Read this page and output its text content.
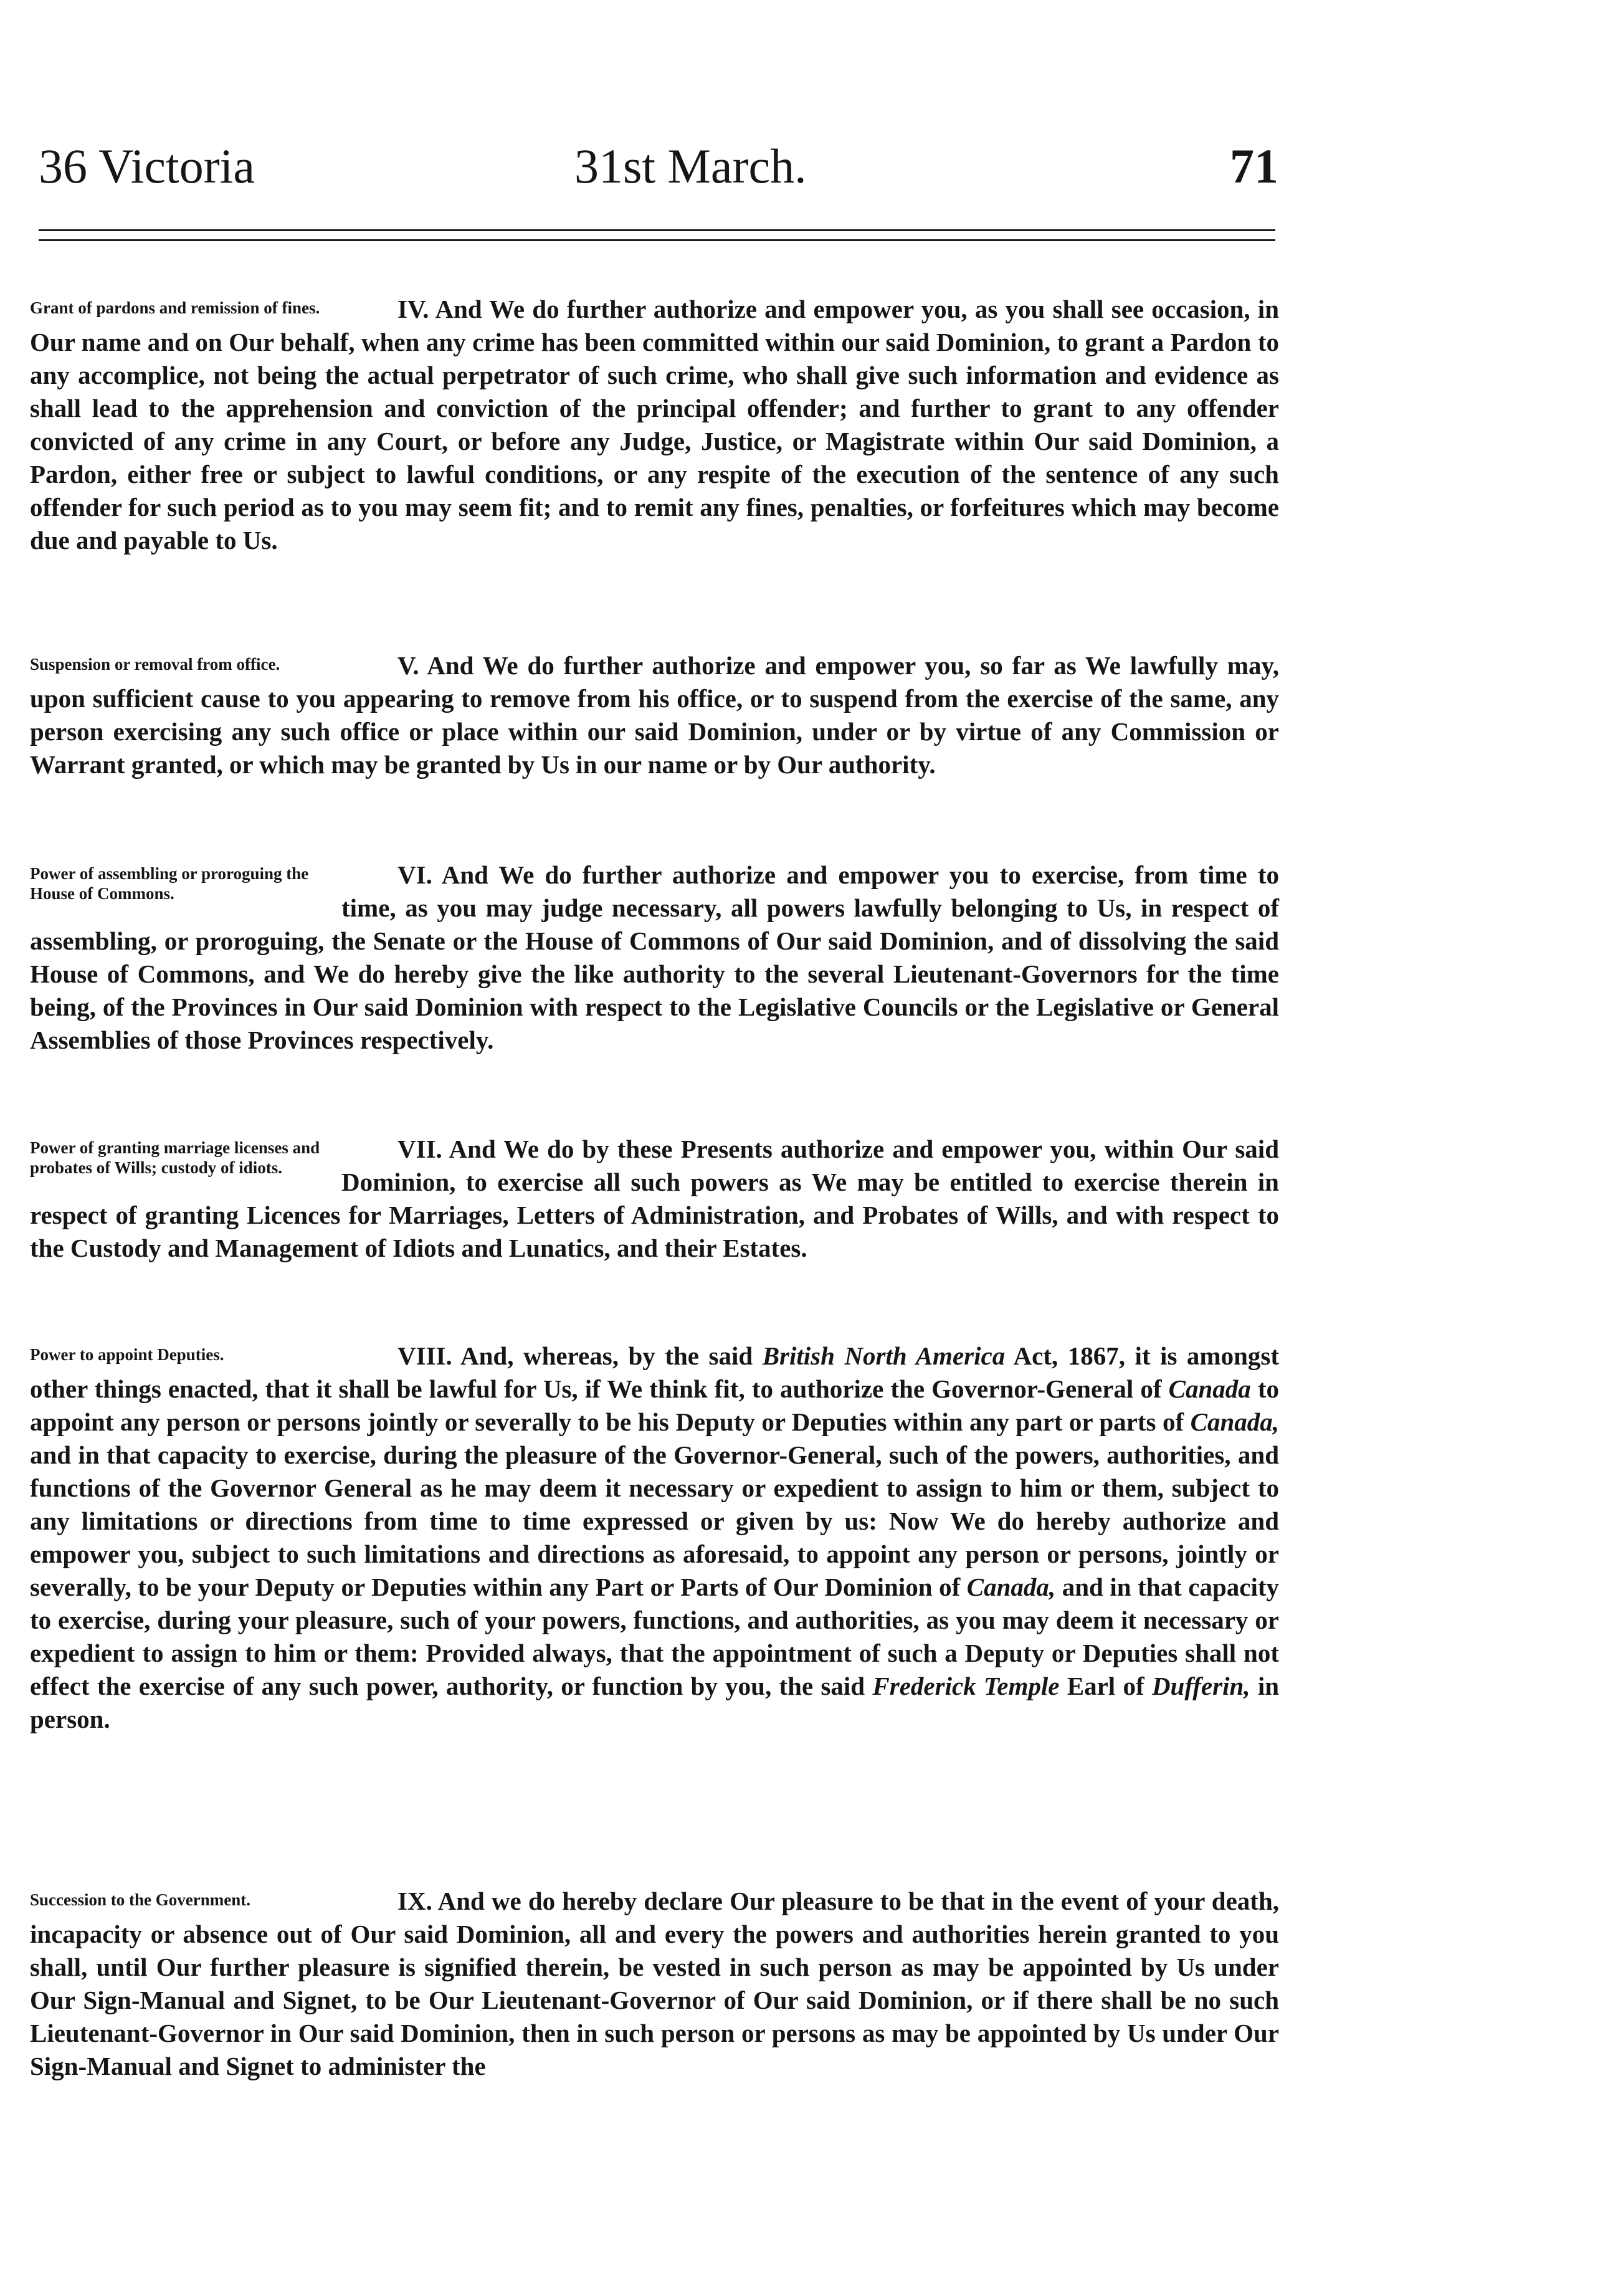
36 Victoria	31st March.	71
Grant of pardons and remission of fines.	IV. And We do further authorize and empower you, as you shall see occasion, in Our name and on Our behalf, when any crime has been committed within our said Dominion, to grant a Pardon to any accomplice, not being the actual perpetrator of such crime, who shall give such information and evidence as shall lead to the apprehension and conviction of the principal offender; and further to grant to any offender convicted of any crime in any Court, or before any Judge, Justice, or Magistrate within Our said Dominion, a Pardon, either free or subject to lawful conditions, or any respite of the execution of the sentence of any such offender for such period as to you may seem fit; and to remit any fines, penalties, or forfeitures which may become due and payable to Us.

Suspension or removal from office.	V. And We do further authorize and empower you, so far as We lawfully may, upon sufficient cause to you appearing to remove from his office, or to suspend from the exercise of the same, any person exercising any such office or place within our said Dominion, under or by virtue of any Commission or Warrant granted, or which may be granted by Us in our name or by Our authority.

Power of assembling or proroguing the House of Commons.

VI. And We do further authorize and empower you to exercise, from time to time, as you may judge necessary, all powers lawfully belonging to Us, in respect of assembling, or proroguing, the Senate or the House of Commons of Our said Dominion, and of dissolving the said House of Commons, and We do hereby give the like authority to the several Lieutenant-Governors for the time being, of the Provinces in Our said Dominion with respect to the Legislative Councils or the Legislative or General Assemblies of those Provinces respectively.

Power of granting marriage licenses and probates of Wills; custody of idiots.

VII. And We do by these Presents authorize and empower you, within Our said Dominion, to exercise all such powers as We may be entitled to exercise therein in respect of granting Licences for Marriages, Letters of Administration, and Probates of Wills, and with respect to the Custody and Management of Idiots and Lunatics, and their Estates.

Power to appoint Deputies.	VIII. And, whereas, by the said British North America Act, 1867, it is amongst other things enacted, that it shall be lawful for Us, if We think fit, to authorize the Governor-General of Canada to appoint any person or persons jointly or severally to be his Deputy or Deputies within any part or parts of Canada, and in that capacity to exercise, during the pleasure of the Governor-General, such of the powers, authorities, and functions of the Governor General as he may deem it necessary or expedient to assign to him or them, subject to any limitations or directions from time to time expressed or given by us: Now We do hereby authorize and empower you, subject to such limitations and directions as aforesaid, to appoint any person or persons, jointly or severally, to be your Deputy or Deputies within any Part or Parts of Our Dominion of Canada, and in that capacity to exercise, during your pleasure, such of your powers, functions, and authorities, as you may deem it necessary or expedient to assign to him or them: Provided always, that the appointment of such a Deputy or Deputies shall not effect the exercise of any such power, authority, or function by you, the said Frederick Temple Earl of Dufferin, in person.

Succession to the Government.	IX. And we do hereby declare Our pleasure to be that in the event of your death, incapacity or absence out of Our said Dominion, all and every the powers and authorities herein granted to you shall, until Our further pleasure is signified therein, be vested in such person as may be appointed by Us under Our Sign-Manual and Signet, to be Our Lieutenant-Governor of Our said Dominion, or if there shall be no such Lieutenant-Governor in Our said Dominion, then in such person or persons as may be appointed by Us under Our Sign-Manual and Signet to administer the
